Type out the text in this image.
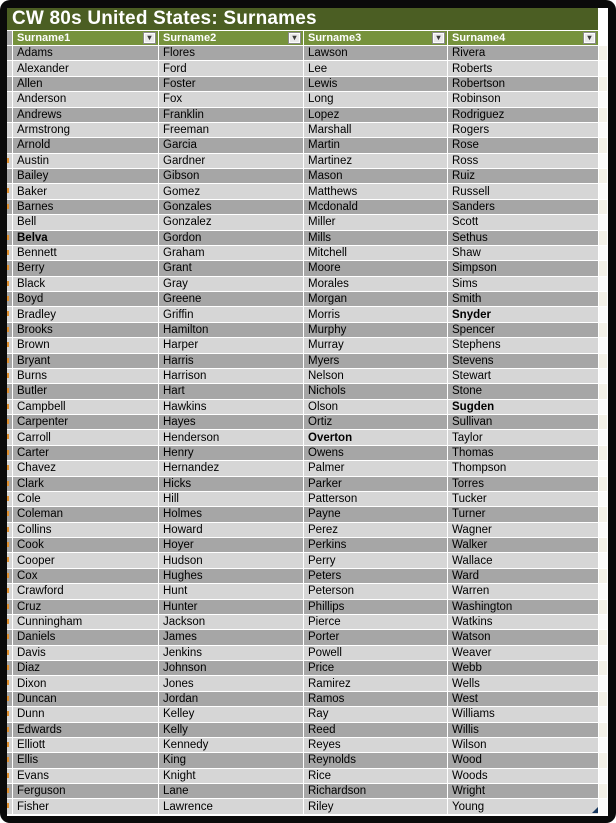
CW 80s United States: Surnames
Surname1	▾ Surname2	▾ Surname3	▾ Surname4	▾
Adams	Flores	Lawson	Rivera
Alexander	Ford	Lee	Roberts
Allen	Foster	Lewis	Robertson
Anderson	Fox	Long	Robinson
Andrews	Franklin	Lopez	Rodriguez
Armstrong	Freeman	Marshall	Rogers
Arnold	Garcia	Martin	Rose
Austin	Gardner	Martinez	Ross
Bailey	Gibson	Mason	Ruiz
Baker	Gomez	Matthews	Russell
Barnes	Gonzales	Mcdonald	Sanders
Bell	Gonzalez	Miller	Scott
Belva	Gordon	Mills	Sethus
Bennett	Graham	Mitchell	Shaw
Berry	Grant	Moore	Simpson
Black	Gray	Morales	Sims
Boyd	Greene	Morgan	Smith
Bradley	Griffin	Morris	Snyder
Brooks	Hamilton	Murphy	Spencer
Brown	Harper	Murray	Stephens
Bryant	Harris	Myers	Stevens
Burns	Harrison	Nelson	Stewart
Butler	Hart	Nichols	Stone
Campbell	Hawkins	Olson	Sugden
Carpenter	Hayes	Ortiz	Sullivan
Carroll	Henderson	Overton	Taylor
Carter	Henry	Owens	Thomas
Chavez	Hernandez	Palmer	Thompson
Clark	Hicks	Parker	Torres
Cole	Hill	Patterson	Tucker
Coleman	Holmes	Payne	Turner
Collins	Howard	Perez	Wagner
Cook	Hoyer	Perkins	Walker
Cooper	Hudson	Perry	Wallace
Cox	Hughes	Peters	Ward
Crawford	Hunt	Peterson	Warren
Cruz	Hunter	Phillips	Washington
Cunningham	Jackson	Pierce	Watkins
Daniels	James	Porter	Watson
Davis	Jenkins	Powell	Weaver
Diaz	Johnson	Price	Webb
Dixon	Jones	Ramirez	Wells
Duncan	Jordan	Ramos	West
Dunn	Kelley	Ray	Williams
Edwards	Kelly	Reed	Willis
Elliott	Kennedy	Reyes	Wilson
Ellis	King	Reynolds	Wood
Evans	Knight	Rice	Woods
Ferguson	Lane	Richardson	Wright
Fisher	Lawrence	Riley	Young
